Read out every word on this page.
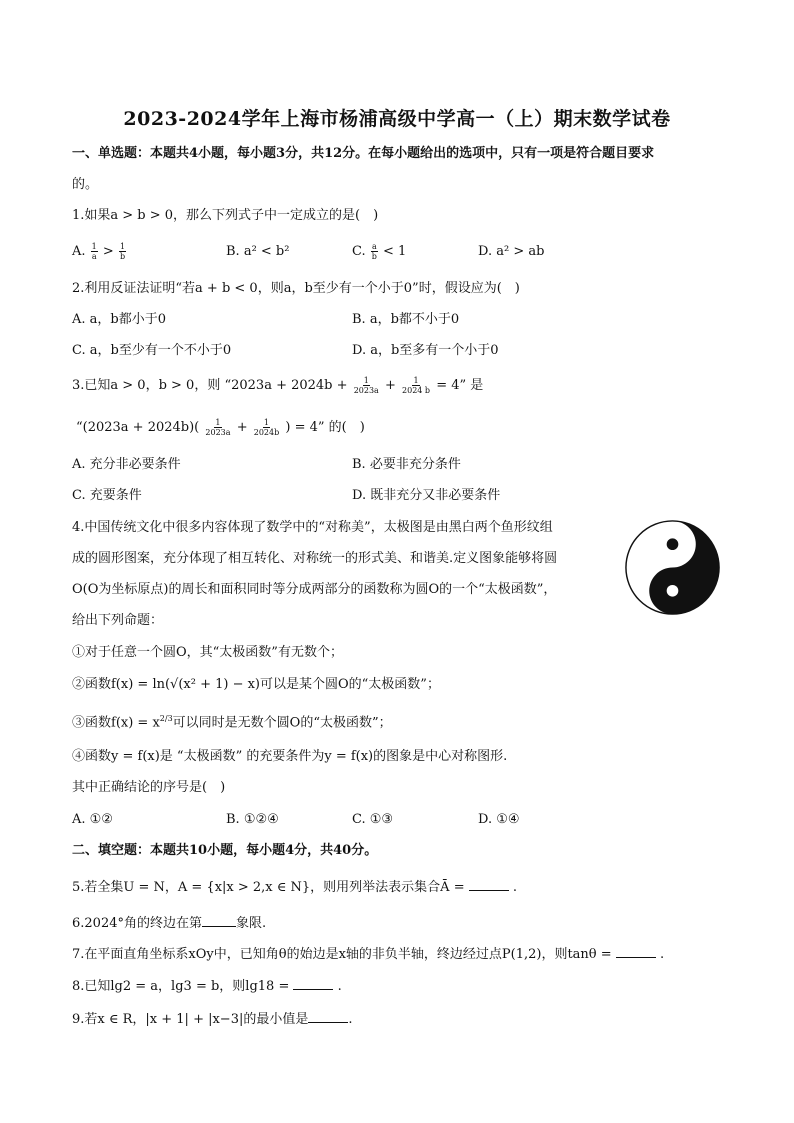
2023-2024学年上海市杨浦高级中学高一（上）期末数学试卷
一、单选题：本题共4小题，每小题3分，共12分。在每小题给出的选项中，只有一项是符合题目要求
的。
1.如果a > b > 0，那么下列式子中一定成立的是(　)
A. $\frac{1}{a} > \frac{1}{b}$	B. a² < b²	C. $\frac{a}{b} < 1$	D. a² > ab
2.利用反证法证明“若a + b < 0，则a，b至少有一个小于0”时，假设应为(　)
A. a，b都小于0	B. a，b都不小于0
C. a，b至少有一个不小于0	D. a，b至多有一个小于0
3.已知a > 0，b > 0，则 “$2023a + 2024b + \frac{1}{2023a} + \frac{1}{2024 b} = 4$” 是
“$(2023a + 2024b)( \frac{1}{2023a} + \frac{1}{2024b}$ ) = 4” 的(　)
A. 充分非必要条件	B. 必要非充分条件
C. 充要条件	D. 既非充分又非必要条件
4.中国传统文化中很多内容体现了数学中的“对称美”，太极图是由黑白两个鱼形纹组
成的圆形图案，充分体现了相互转化、对称统一的形式美、和谐美.定义图象能够将圆
O(O为坐标原点)的周长和面积同时等分成两部分的函数称为圆O的一个“太极函数”，
给出下列命题：
①对于任意一个圆O，其“太极函数”有无数个；
②函数f(x) = ln(√(x² + 1) − x)可以是某个圆O的“太极函数”；
③函数$f(x) = x^{2/3}$可以同时是无数个圆O的“太极函数”；
④函数y = f(x)是 “太极函数” 的充要条件为y = f(x)的图象是中心对称图形.
其中正确结论的序号是(　)
A. ①②	B. ①②④	C. ①③	D. ①④
二、填空题：本题共10小题，每小题4分，共40分。
5.若全集U = N，A = {x|x > 2,x ∈ N}，则用列举法表示集合Ā =	.
6.2024°角的终边在第	象限.
7.在平面直角坐标系xOy中，已知角θ的始边是x轴的非负半轴，终边经过点P(1,2)，则tanθ =	.
8.已知lg2 = a，lg3 = b，则lg18 =	.
9.若x ∈ R，|x + 1| + |x−3|的最小值是	.
